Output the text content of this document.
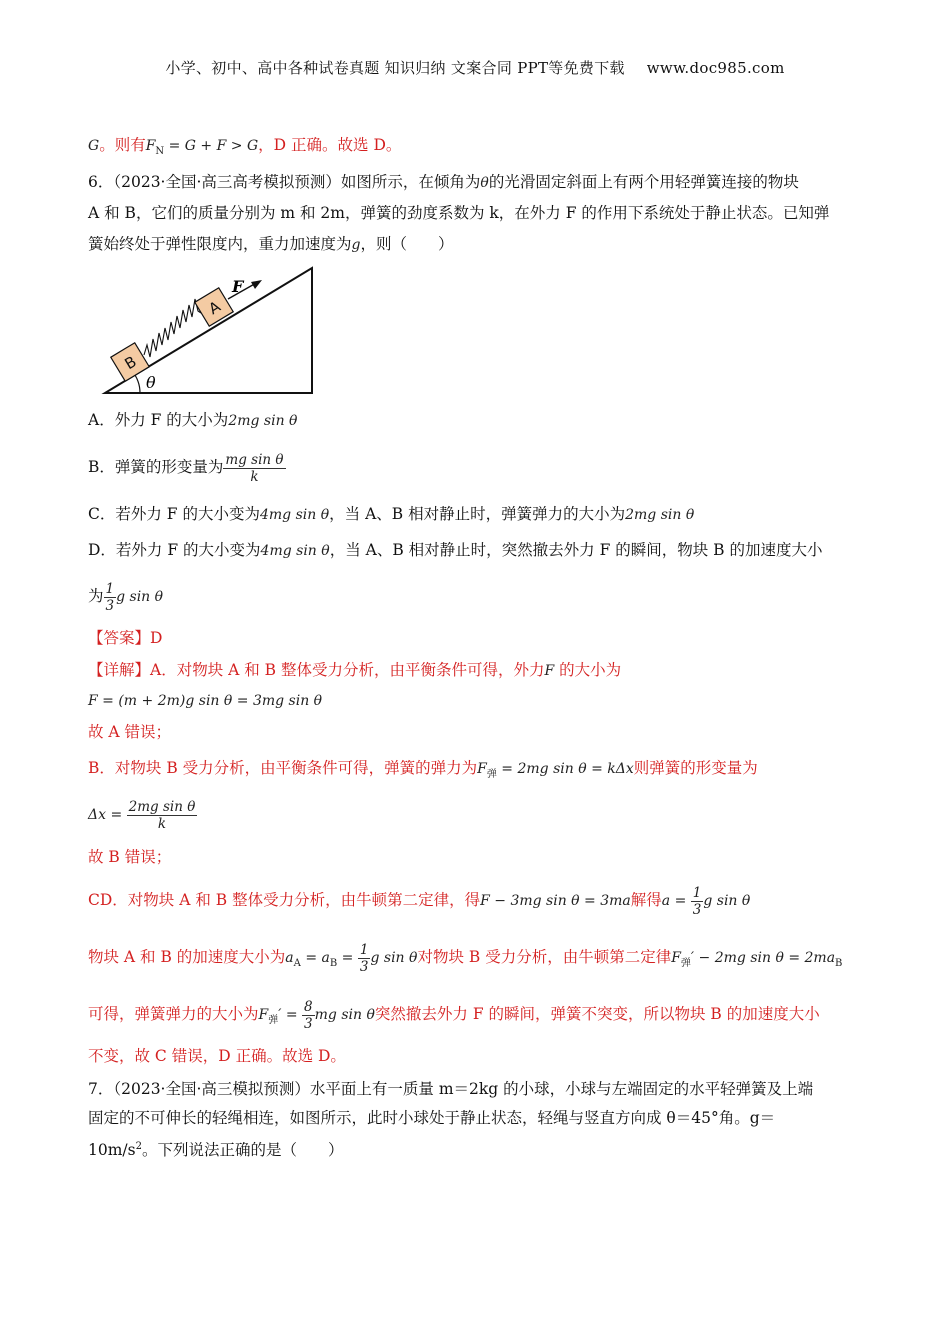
小学、初中、高中各种试卷真题 知识归纳 文案合同 PPT等免费下载 www.doc985.com
G。则有$F_N = G + F > G$，D 正确。故选 D。
6．（2023·全国·高三高考模拟预测）如图所示，在倾角为θ的光滑固定斜面上有两个用轻弹簧连接的物块
A 和 B，它们的质量分别为 m 和 2m，弹簧的劲度系数为 k，在外力 F 的作用下系统处于静止状态。已知弹
簧始终处于弹性限度内，重力加速度为g，则（　　）
θ
B
A
F
A．外力 F 的大小为2mg sin θ
B．弹簧的形变量为 $\frac{\text{mg sin θ}}{k}$
C．若外力 F 的大小变为4mg sin θ，当 A、B 相对静止时，弹簧弹力的大小为2mg sin θ
D．若外力 F 的大小变为4mg sin θ，当 A、B 相对静止时，突然撤去外力 F 的瞬间，物块 B 的加速度大小
为 $\frac{1}{3}$ g sin θ
【答案】D
【详解】A．对物块 A 和 B 整体受力分析，由平衡条件可得，外力F 的大小为
F = (m + 2m)g sin θ = 3mg sin θ
故 A 错误；
B．对物块 B 受力分析，由平衡条件可得，弹簧的弹力为$F_弹 = 2mg$ sin θ = kΔx则弹簧的形变量为
$\Delta x = \frac{\text{2mg sin θ}}{k}$
故 B 错误；
CD．对物块 A 和 B 整体受力分析，由牛顿第二定律，得F − 3mg sin θ = 3ma解得$a = \frac{1}{3}$ g sin θ
物块 A 和 B 的加速度大小为$a_A = a_B = \frac{1}{3}$ g sin θ对物块 B 受力分析，由牛顿第二定律$F_弹' - 2mg$ $\sin \theta = 2ma_B$
可得，弹簧弹力的大小为$F_弹' = \frac{8}{3}$ mg sin θ突然撤去外力 F 的瞬间，弹簧不突变，所以物块 B 的加速度大小
不变，故 C 错误，D 正确。故选 D。
7．（2023·全国·高三模拟预测）水平面上有一质量 m＝2kg 的小球，小球与左端固定的水平轻弹簧及上端
固定的不可伸长的轻绳相连，如图所示，此时小球处于静止状态，轻绳与竖直方向成 θ＝45°角。g＝
$10m/s^2$。下列说法正确的是（　　）
